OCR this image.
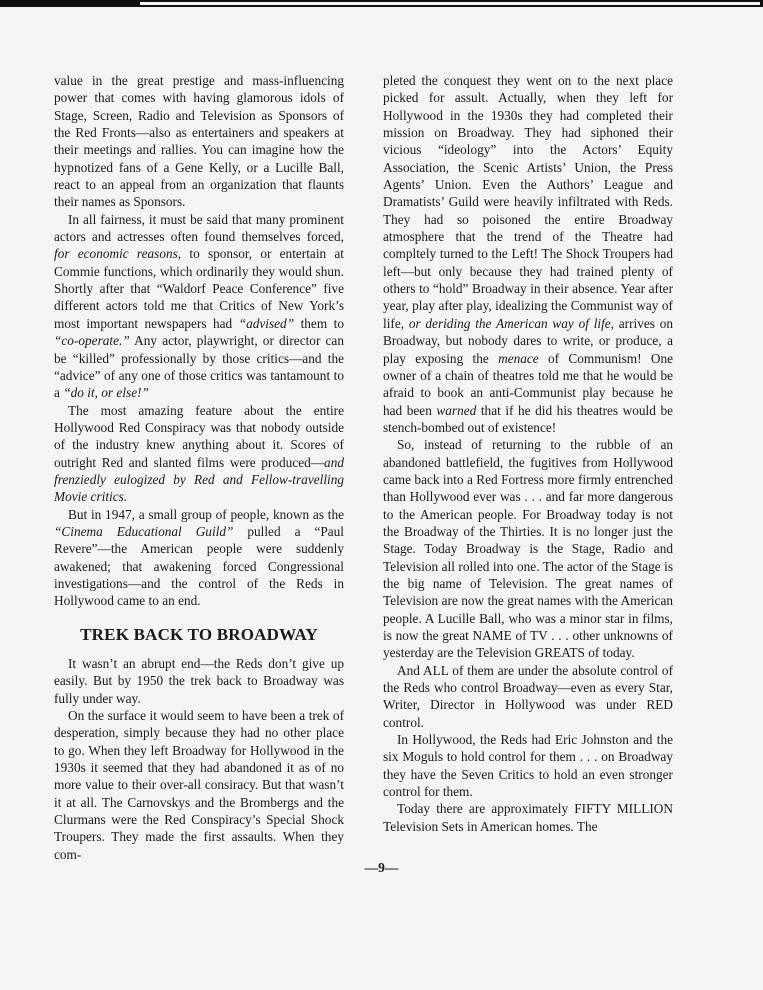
value in the great prestige and mass-influencing power that comes with having glamorous idols of Stage, Screen, Radio and Television as Sponsors of the Red Fronts—also as entertainers and speakers at their meetings and rallies. You can imagine how the hypnotized fans of a Gene Kelly, or a Lucille Ball, react to an appeal from an organization that flaunts their names as Sponsors.

In all fairness, it must be said that many prominent actors and actresses often found themselves forced, for economic reasons, to sponsor, or entertain at Commie functions, which ordinarily they would shun. Shortly after that “Waldorf Peace Conference” five different actors told me that Critics of New York’s most important newspapers had “advised” them to “co-operate.” Any actor, playwright, or director can be “killed” professionally by those critics—and the “advice” of any one of those critics was tantamount to a “do it, or else!”

The most amazing feature about the entire Hollywood Red Conspiracy was that nobody outside of the industry knew anything about it. Scores of outright Red and slanted films were produced—and frenziedly eulogized by Red and Fellow-travelling Movie critics.

But in 1947, a small group of people, known as the “Cinema Educational Guild” pulled a “Paul Revere”—the American people were suddenly awakened; that awakening forced Congressional investigations—and the control of the Reds in Hollywood came to an end.

TREK BACK TO BROADWAY

It wasn’t an abrupt end—the Reds don’t give up easily. But by 1950 the trek back to Broadway was fully under way.

On the surface it would seem to have been a trek of desperation, simply because they had no other place to go. When they left Broadway for Hollywood in the 1930s it seemed that they had abandoned it as of no more value to their over-all consiracy. But that wasn’t it at all. The Carnovskys and the Brombergs and the Clurmans were the Red Conspiracy’s Special Shock Troupers. They made the first assaults. When they com-

pleted the conquest they went on to the next place picked for assult. Actually, when they left for Hollywood in the 1930s they had completed their mission on Broadway. They had siphoned their vicious “ideology” into the Actors’ Equity Association, the Scenic Artists’ Union, the Press Agents’ Union. Even the Authors’ League and Dramatists’ Guild were heavily infiltrated with Reds. They had so poisoned the entire Broadway atmosphere that the trend of the Theatre had compltely turned to the Left! The Shock Troupers had left—but only because they had trained plenty of others to “hold” Broadway in their absence. Year after year, play after play, idealizing the Communist way of life, or deriding the American way of life, arrives on Broadway, but nobody dares to write, or produce, a play exposing the menace of Communism! One owner of a chain of theatres told me that he would be afraid to book an anti-Communist play because he had been warned that if he did his theatres would be stench-bombed out of existence!

So, instead of returning to the rubble of an abandoned battlefield, the fugitives from Hollywood came back into a Red Fortress more firmly entrenched than Hollywood ever was . . . and far more dangerous to the American people. For Broadway today is not the Broadway of the Thirties. It is no longer just the Stage. Today Broadway is the Stage, Radio and Television all rolled into one. The actor of the Stage is the big name of Television. The great names of Television are now the great names with the American people. A Lucille Ball, who was a minor star in films, is now the great NAME of TV . . . other unknowns of yesterday are the Television GREATS of today.

And ALL of them are under the absolute control of the Reds who control Broadway—even as every Star, Writer, Director in Hollywood was under RED control.

In Hollywood, the Reds had Eric Johnston and the six Moguls to hold control for them . . . on Broadway they have the Seven Critics to hold an even stronger control for them.

Today there are approximately FIFTY MILLION Television Sets in American homes. The

—9—
